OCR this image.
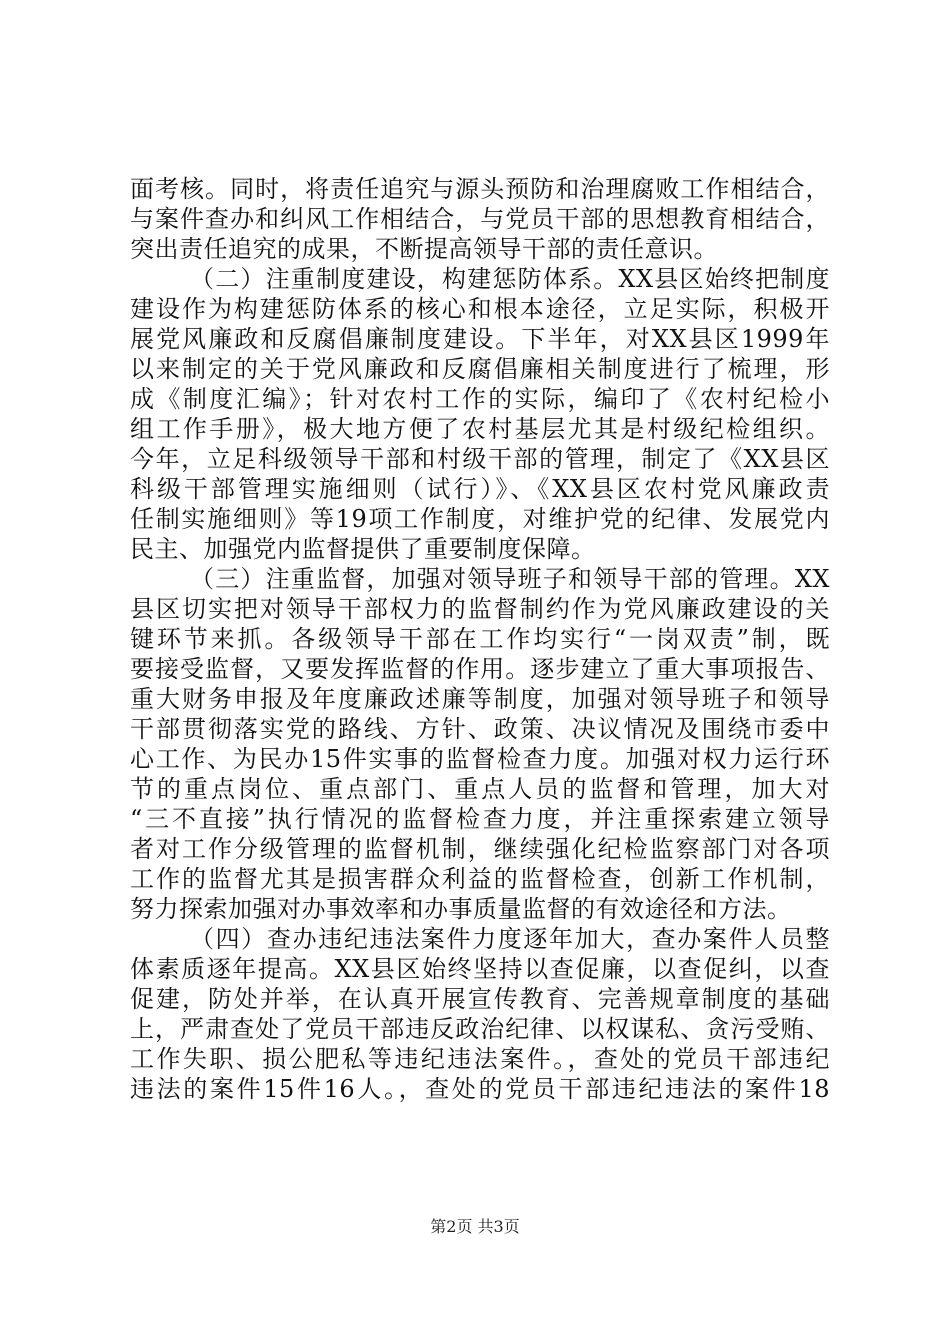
面考核。同时，将责任追究与源头预防和治理腐败工作相结合，
与案件查办和纠风工作相结合，与党员干部的思想教育相结合，
突出责任追究的成果，不断提高领导干部的责任意识。
（二）注重制度建设，构建惩防体系。XX县区始终把制度
建设作为构建惩防体系的核心和根本途径，立足实际，积极开
展党风廉政和反腐倡廉制度建设。下半年，对XX县区1999年
以来制定的关于党风廉政和反腐倡廉相关制度进行了梳理，形
成《制度汇编》；针对农村工作的实际，编印了《农村纪检小
组工作手册》，极大地方便了农村基层尤其是村级纪检组织。
今年，立足科级领导干部和村级干部的管理，制定了《XX县区
科级干部管理实施细则（试行）》、《XX县区农村党风廉政责
任制实施细则》等19项工作制度，对维护党的纪律、发展党内
民主、加强党内监督提供了重要制度保障。
（三）注重监督，加强对领导班子和领导干部的管理。XX
县区切实把对领导干部权力的监督制约作为党风廉政建设的关
键环节来抓。各级领导干部在工作均实行“一岗双责”制，既
要接受监督，又要发挥监督的作用。逐步建立了重大事项报告、
重大财务申报及年度廉政述廉等制度，加强对领导班子和领导
干部贯彻落实党的路线、方针、政策、决议情况及围绕市委中
心工作、为民办15件实事的监督检查力度。加强对权力运行环
节的重点岗位、重点部门、重点人员的监督和管理，加大对
“三不直接”执行情况的监督检查力度，并注重探索建立领导
者对工作分级管理的监督机制，继续强化纪检监察部门对各项
工作的监督尤其是损害群众利益的监督检查，创新工作机制，
努力探索加强对办事效率和办事质量监督的有效途径和方法。
（四）查办违纪违法案件力度逐年加大，查办案件人员整
体素质逐年提高。XX县区始终坚持以查促廉，以查促纠，以查
促建，防处并举，在认真开展宣传教育、完善规章制度的基础
上，严肃查处了党员干部违反政治纪律、以权谋私、贪污受贿、
工作失职、损公肥私等违纪违法案件。，查处的党员干部违纪
违法的案件15件16人。，查处的党员干部违纪违法的案件18
第2页 共3页
